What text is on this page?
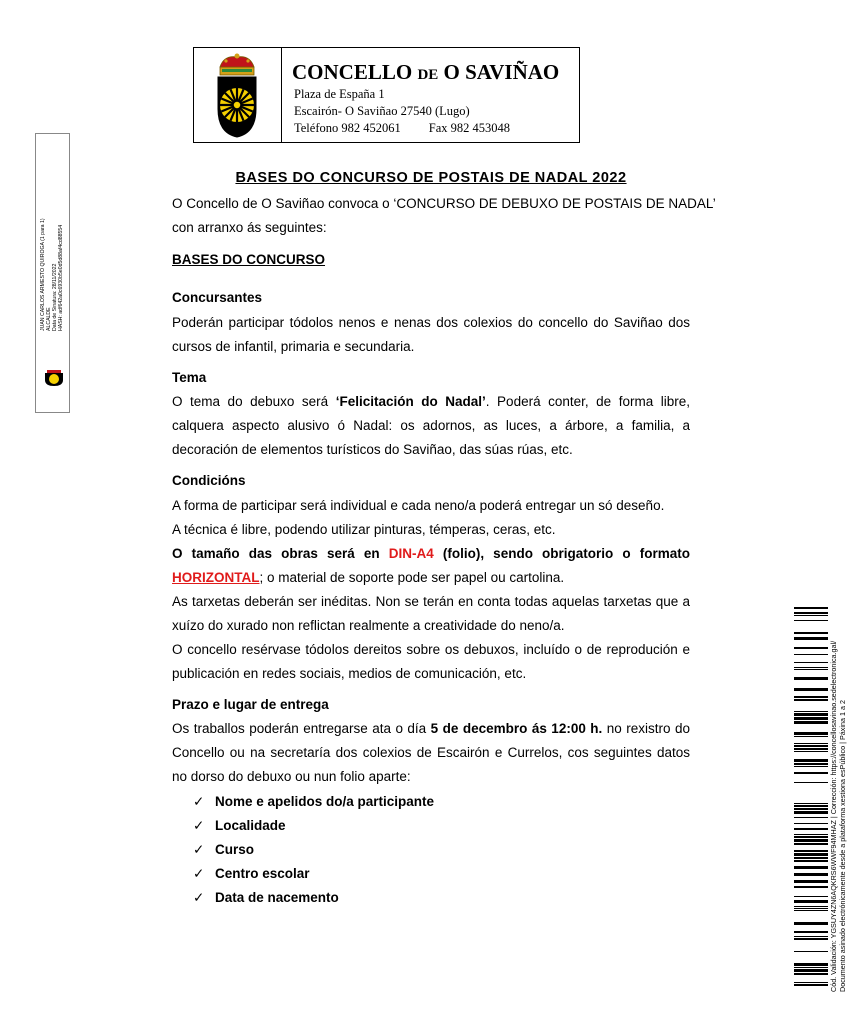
CONCELLO DE O SAVIÑAO
Plaza de España 1
Escairón- O Saviñao 27540 (Lugo)
Teléfono 982 452061 Fax 982 453048
JUAN CARLOS ARMESTO QUIROGA (1 para 1) ALCALDE Data de Sinatura: 28/11/2022 HASH: adf642a0c6930b5e0d5d88af4cd88554
Cód. Validación: YGSUY4ZN6AQKRS6WWF94MHAZ | Corrección: https://concellosavinao.sedelectronica.gal/ Documento asinado electrónicamente desde a plataforma xestiona esPúblico | Páxina 1 a 2
BASES DO CONCURSO DE POSTAIS DE NADAL 2022
O Concello de O Saviñao convoca o ‘CONCURSO DE DEBUXO DE POSTAIS DE NADAL’
con arranxo ás seguintes:
BASES DO CONCURSO
Concursantes
Poderán participar tódolos nenos e nenas dos colexios do concello do Saviñao dos cursos de infantil, primaria e secundaria.
Tema
O tema do debuxo será ‘Felicitación do Nadal’. Poderá conter, de forma libre, calquera aspecto alusivo ó Nadal: os adornos, as luces, a árbore, a familia, a decoración de elementos turísticos do Saviñao, das súas rúas, etc.
Condicións
A forma de participar será individual e cada neno/a poderá entregar un só deseño.
A técnica é libre, podendo utilizar pinturas, témperas, ceras, etc.
O tamaño das obras será en DIN-A4 (folio), sendo obrigatorio o formato HORIZONTAL; o material de soporte pode ser papel ou cartolina.
As tarxetas deberán ser inéditas. Non se terán en conta todas aquelas tarxetas que a xuízo do xurado non reflictan realmente a creatividade do neno/a.
O concello resérvase tódolos dereitos sobre os debuxos, incluído o de reprodución e publicación en redes sociais, medios de comunicación, etc.
Prazo e lugar de entrega
Os traballos poderán entregarse ata o día 5 de decembro ás 12:00 h. no rexistro do Concello ou na secretaría dos colexios de Escairón e Currelos, cos seguintes datos no dorso do debuxo ou nun folio aparte:
✓ Nome e apelidos do/a participante
✓ Localidade
✓ Curso
✓ Centro escolar
✓ Data de nacemento
